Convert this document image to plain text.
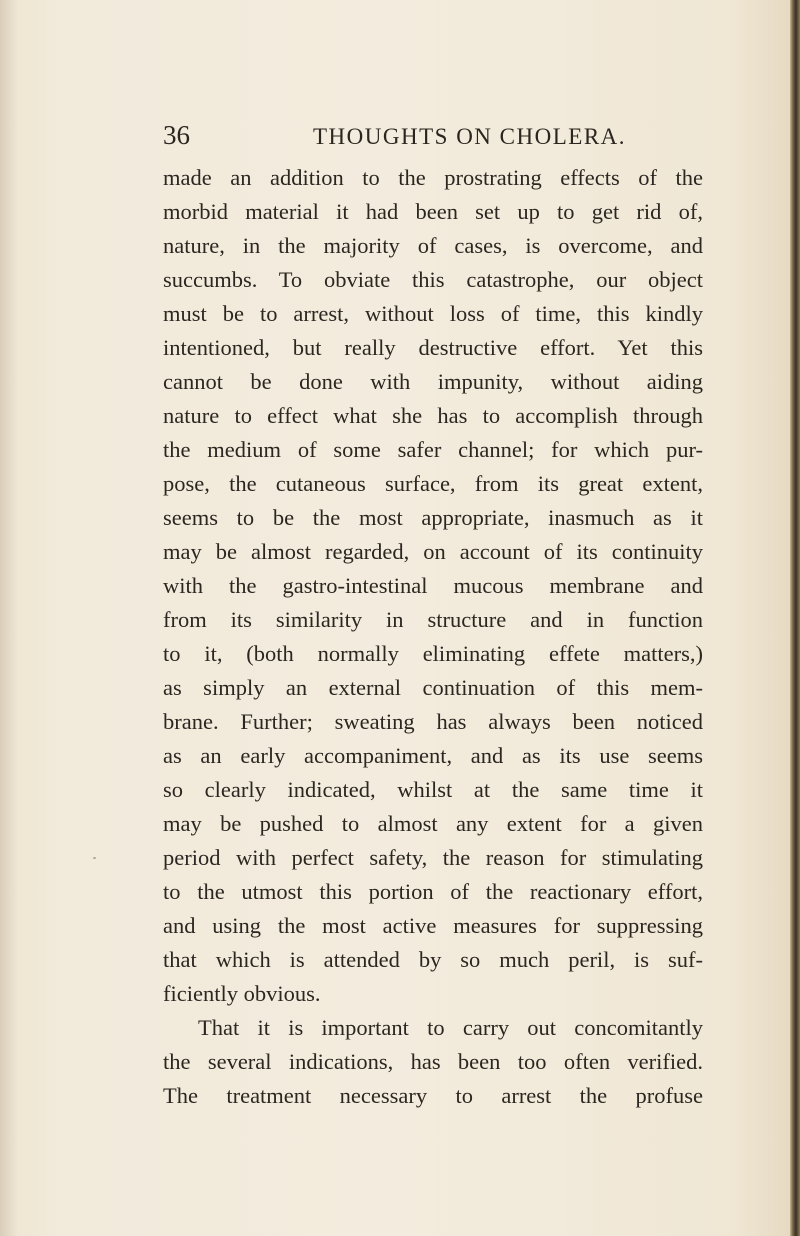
36	THOUGHTS ON CHOLERA.
made an addition to the prostrating effects of the
morbid material it had been set up to get rid of,
nature, in the majority of cases, is overcome, and
succumbs. To obviate this catastrophe, our object
must be to arrest, without loss of time, this kindly
intentioned, but really destructive effort. Yet this
cannot be done with impunity, without aiding
nature to effect what she has to accomplish through
the medium of some safer channel; for which pur-
pose, the cutaneous surface, from its great extent,
seems to be the most appropriate, inasmuch as it
may be almost regarded, on account of its continuity
with the gastro-intestinal mucous membrane and
from its similarity in structure and in function
to it, (both normally eliminating effete matters,)
as simply an external continuation of this mem-
brane. Further; sweating has always been noticed
as an early accompaniment, and as its use seems
so clearly indicated, whilst at the same time it
may be pushed to almost any extent for a given
period with perfect safety, the reason for stimulating
to the utmost this portion of the reactionary effort,
and using the most active measures for suppressing
that which is attended by so much peril, is suf-
ficiently obvious.
That it is important to carry out concomitantly
the several indications, has been too often verified.
The treatment necessary to arrest the profuse
